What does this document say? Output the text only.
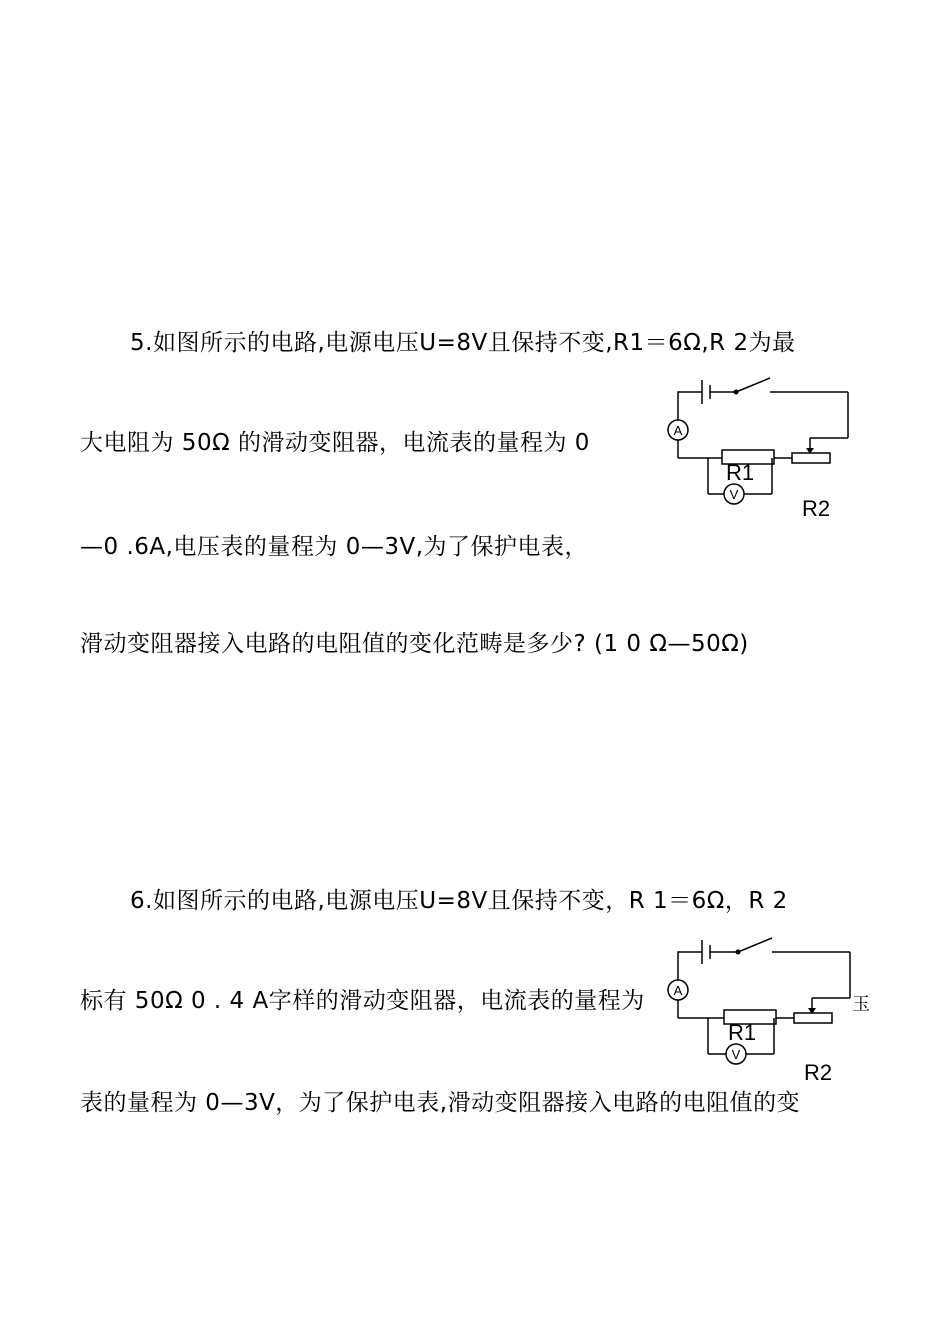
5.如图所示的电路,电源电压U=8V且保持不变,R1＝6Ω,R 2为最
大电阻为 50Ω 的滑动变阻器，电流表的量程为 0
—0 .6A,电压表的量程为 0—3V,为了保护电表，
滑动变阻器接入电路的电阻值的变化范畴是多少? (1 0 Ω—50Ω)
A
V
R1
R2
6.如图所示的电路,电源电压U=8V且保持不变，R 1＝6Ω，R 2
标有 50Ω 0 . 4 A字样的滑动变阻器，电流表的量程为
表的量程为 0—3V，为了保护电表,滑动变阻器接入电路的电阻值的变
A
V
R1
R2
玉
